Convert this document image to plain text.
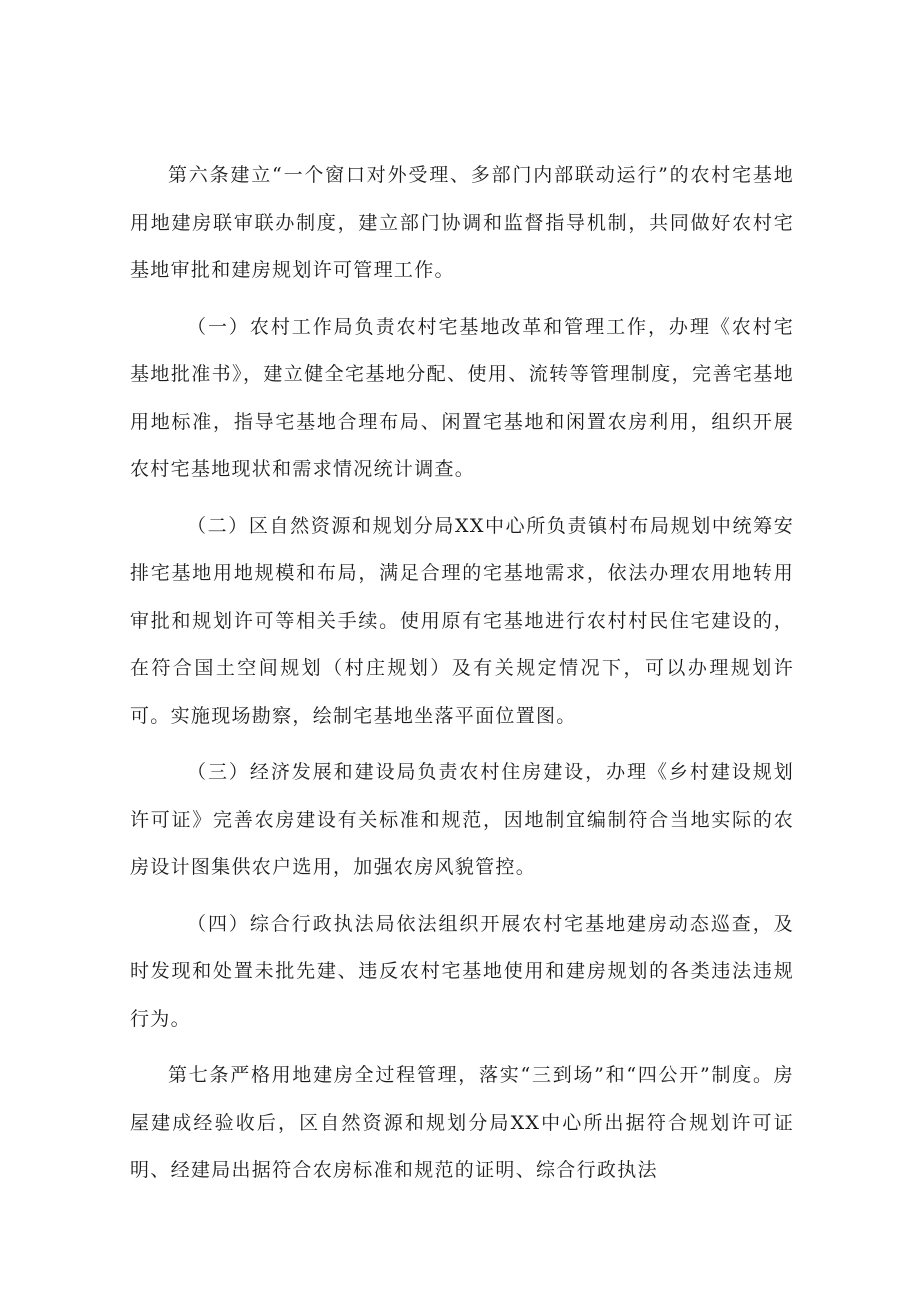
第六条建立“一个窗口对外受理、多部门内部联动运行”的农村宅基地用地建房联审联办制度，建立部门协调和监督指导机制，共同做好农村宅基地审批和建房规划许可管理工作。

（一）农村工作局负责农村宅基地改革和管理工作，办理《农村宅基地批准书》，建立健全宅基地分配、使用、流转等管理制度，完善宅基地用地标准，指导宅基地合理布局、闲置宅基地和闲置农房利用，组织开展农村宅基地现状和需求情况统计调查。

（二）区自然资源和规划分局XX中心所负责镇村布局规划中统筹安排宅基地用地规模和布局，满足合理的宅基地需求，依法办理农用地转用审批和规划许可等相关手续。使用原有宅基地进行农村村民住宅建设的，在符合国土空间规划（村庄规划）及有关规定情况下，可以办理规划许可。实施现场勘察，绘制宅基地坐落平面位置图。

（三）经济发展和建设局负责农村住房建设，办理《乡村建设规划许可证》完善农房建设有关标准和规范，因地制宜编制符合当地实际的农房设计图集供农户选用，加强农房风貌管控。

（四）综合行政执法局依法组织开展农村宅基地建房动态巡查，及时发现和处置未批先建、违反农村宅基地使用和建房规划的各类违法违规行为。

第七条严格用地建房全过程管理，落实“三到场”和“四公开”制度。房屋建成经验收后，区自然资源和规划分局XX中心所出据符合规划许可证明、经建局出据符合农房标准和规范的证明、综合行政执法
